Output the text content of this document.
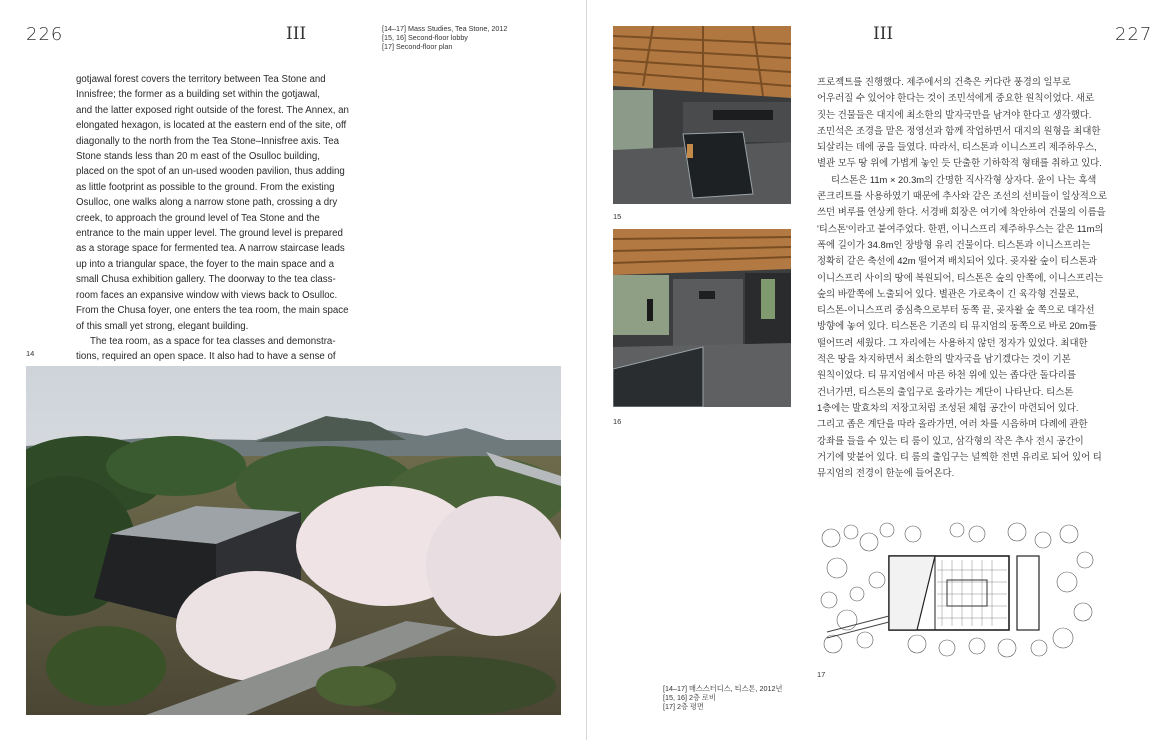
226	III	[14–17] Mass Studies, Tea Stone, 2012
[15, 16] Second-floor lobby
[17] Second-floor plan

gotjawal forest covers the territory between Tea Stone and
Innisfree; the former as a building set within the gotjawal,
and the latter exposed right outside of the forest. The Annex, an
elongated hexagon, is located at the eastern end of the site, off
diagonally to the north from the Tea Stone–Innisfree axis. Tea
Stone stands less than 20 m east of the Osulloc building,
placed on the spot of an un-used wooden pavilion, thus adding
as little footprint as possible to the ground. From the existing
Osulloc, one walks along a narrow stone path, crossing a dry
creek, to approach the ground level of Tea Stone and the
entrance to the main upper level. The ground level is prepared
as a storage space for fermented tea. A narrow staircase leads
up into a triangular space, the foyer to the main space and a
small Chusa exhibition gallery. The doorway to the tea class-
room faces an expansive window with views back to Osulloc.
From the Chusa foyer, one enters the tea room, the main space
of this small yet strong, elegant building.

The tea room, as a space for tea classes and demonstra-
tions, required an open space. It also had to have a sense of

14
III	227
15
16

프로젝트를 진행했다. 제주에서의 건축은 커다란 풍경의 일부로
어우러질 수 있어야 한다는 것이 조민석에게 중요한 원칙이었다. 새로
짓는 건물들은 대지에 최소한의 발자국만을 남겨야 한다고 생각했다.
조민석은 조경을 맡은 정영선과 함께 작업하면서 대지의 원형을 최대한
되살리는 데에 공을 들였다. 따라서, 티스톤과 이니스프리 제주하우스,
별관 모두 땅 위에 가볍게 놓인 듯 단출한 기하학적 형태를 취하고 있다.

티스톤은 11m × 20.3m의 간명한 직사각형 상자다. 윤이 나는 흑색
콘크리트를 사용하였기 때문에 추사와 같은 조선의 선비들이 일상적으로
쓰던 벼루를 연상케 한다. 서경배 회장은 여기에 착안하여 건물의 이름을
'티스톤'이라고 붙여주었다. 한편, 이니스프리 제주하우스는 같은 11m의
폭에 길이가 34.8m인 장방형 유리 건물이다. 티스톤과 이니스프리는
정확히 같은 축선에 42m 떨어져 배치되어 있다. 곶자왈 숲이 티스톤과
이니스프리 사이의 땅에 복원되어, 티스톤은 숲의 안쪽에, 이니스프리는
숲의 바깥쪽에 노출되어 있다. 별관은 가로축이 긴 육각형 건물로,
티스톤-이니스프리 중심축으로부터 동쪽 끝, 곶자왈 숲 쪽으로 대각선
방향에 놓여 있다. 티스톤은 기존의 티 뮤지엄의 동쪽으로 바로 20m를
떨어뜨려 세웠다. 그 자리에는 사용하지 않던 정자가 있었다. 최대한
적은 땅을 차지하면서 최소한의 발자국을 남기겠다는 것이 기본
원칙이었다. 티 뮤지엄에서 마른 하천 위에 있는 좁다란 돌다리를
건너가면, 티스톤의 출입구로 올라가는 계단이 나타난다. 티스톤
1층에는 발효차의 저장고처럼 조성된 체험 공간이 마련되어 있다.
그리고 좁은 계단을 따라 올라가면, 여러 차를 시음하며 다례에 관한
강좌를 들을 수 있는 티 룸이 있고, 삼각형의 작은 추사 전시 공간이
거기에 맞붙어 있다. 티 룸의 출입구는 널찍한 전면 유리로 되어 있어 티
뮤지엄의 전경이 한눈에 들어온다.

17
[14–17] 매스스터디스, 티스톤, 2012년
[15, 16] 2층 로비
[17] 2층 평면
